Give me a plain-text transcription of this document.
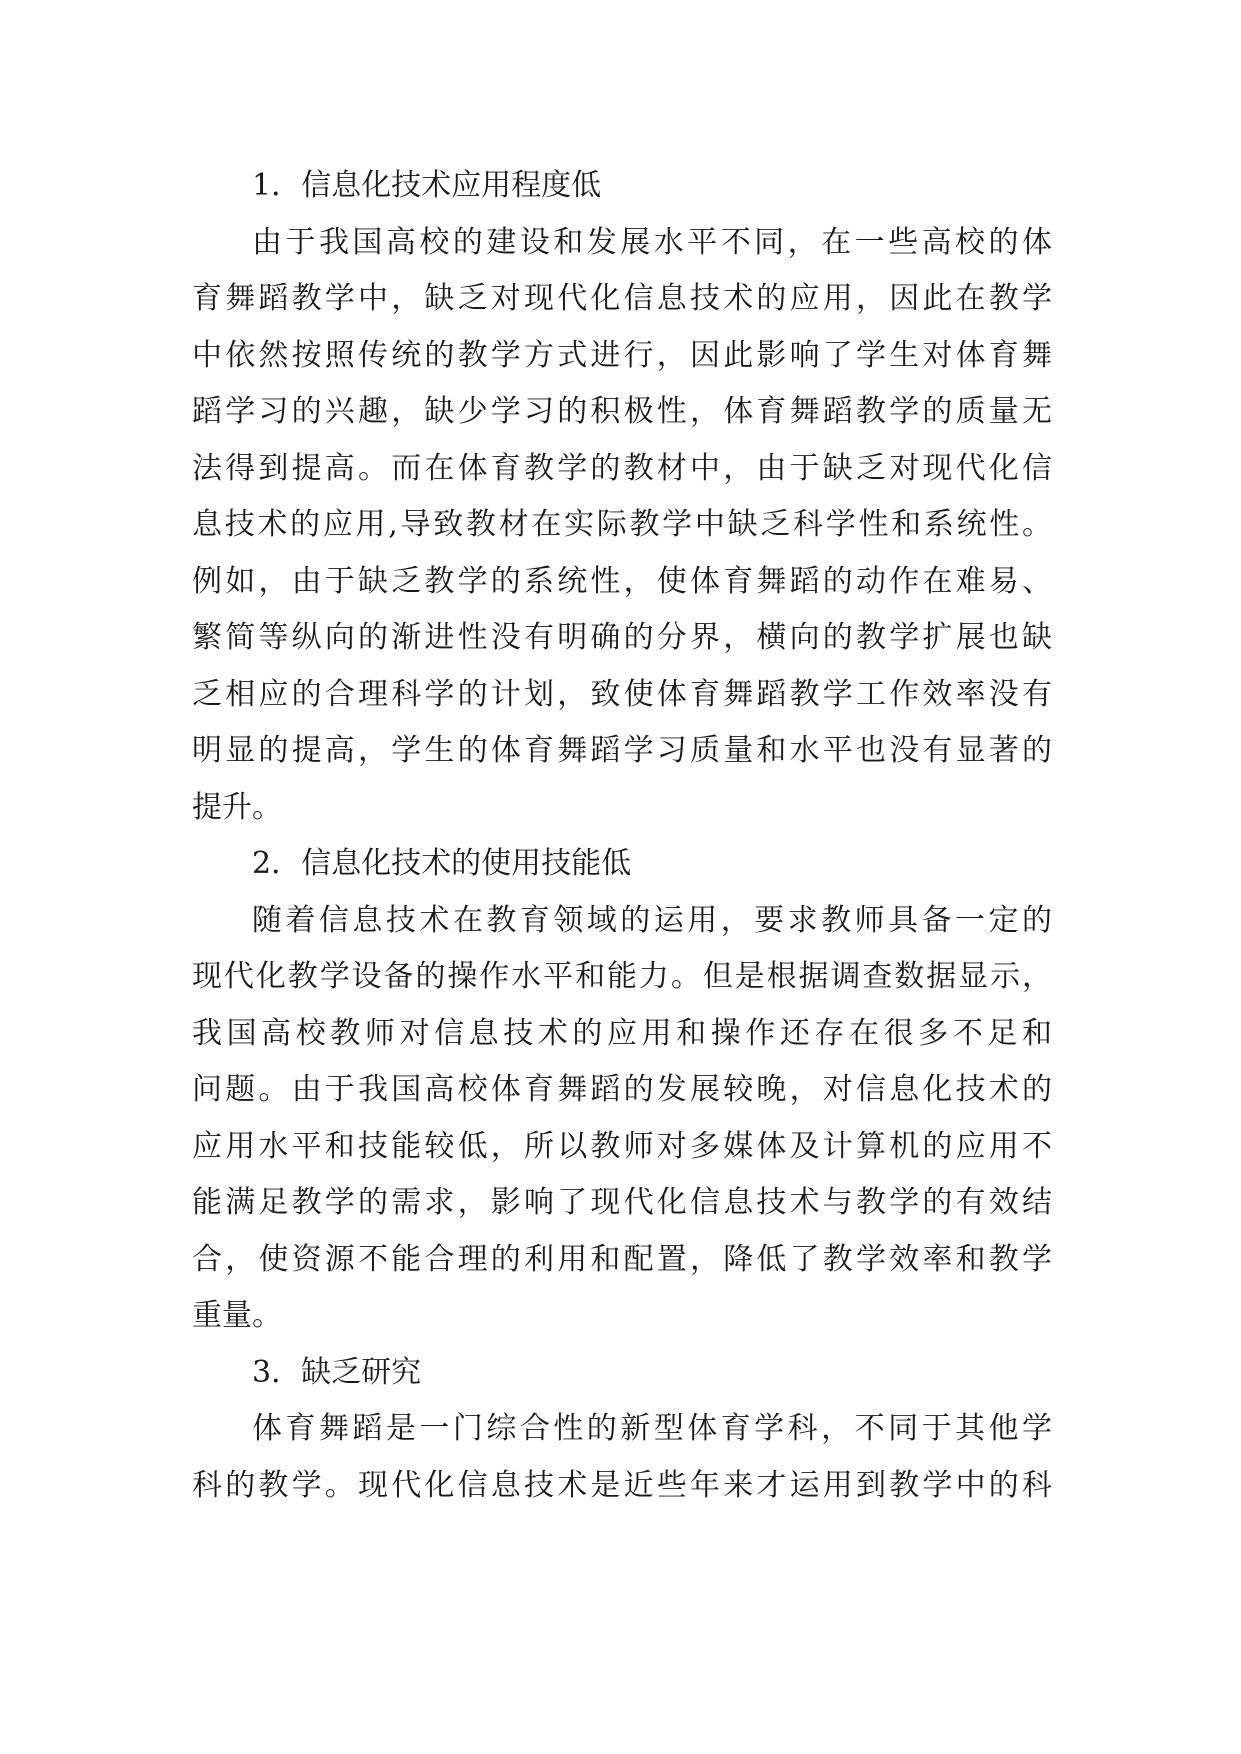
1．信息化技术应用程度低
由于我国高校的建设和发展水平不同，在一些高校的体
育舞蹈教学中，缺乏对现代化信息技术的应用，因此在教学
中依然按照传统的教学方式进行，因此影响了学生对体育舞
蹈学习的兴趣，缺少学习的积极性，体育舞蹈教学的质量无
法得到提高。而在体育教学的教材中，由于缺乏对现代化信
息技术的应用,导致教材在实际教学中缺乏科学性和系统性。
例如，由于缺乏教学的系统性，使体育舞蹈的动作在难易、
繁简等纵向的渐进性没有明确的分界，横向的教学扩展也缺
乏相应的合理科学的计划，致使体育舞蹈教学工作效率没有
明显的提高，学生的体育舞蹈学习质量和水平也没有显著的
提升。
2．信息化技术的使用技能低
随着信息技术在教育领域的运用，要求教师具备一定的
现代化教学设备的操作水平和能力。但是根据调查数据显示，
我国高校教师对信息技术的应用和操作还存在很多不足和
问题。由于我国高校体育舞蹈的发展较晚，对信息化技术的
应用水平和技能较低，所以教师对多媒体及计算机的应用不
能满足教学的需求，影响了现代化信息技术与教学的有效结
合，使资源不能合理的利用和配置，降低了教学效率和教学
重量。
3．缺乏研究
体育舞蹈是一门综合性的新型体育学科，不同于其他学
科的教学。现代化信息技术是近些年来才运用到教学中的科
